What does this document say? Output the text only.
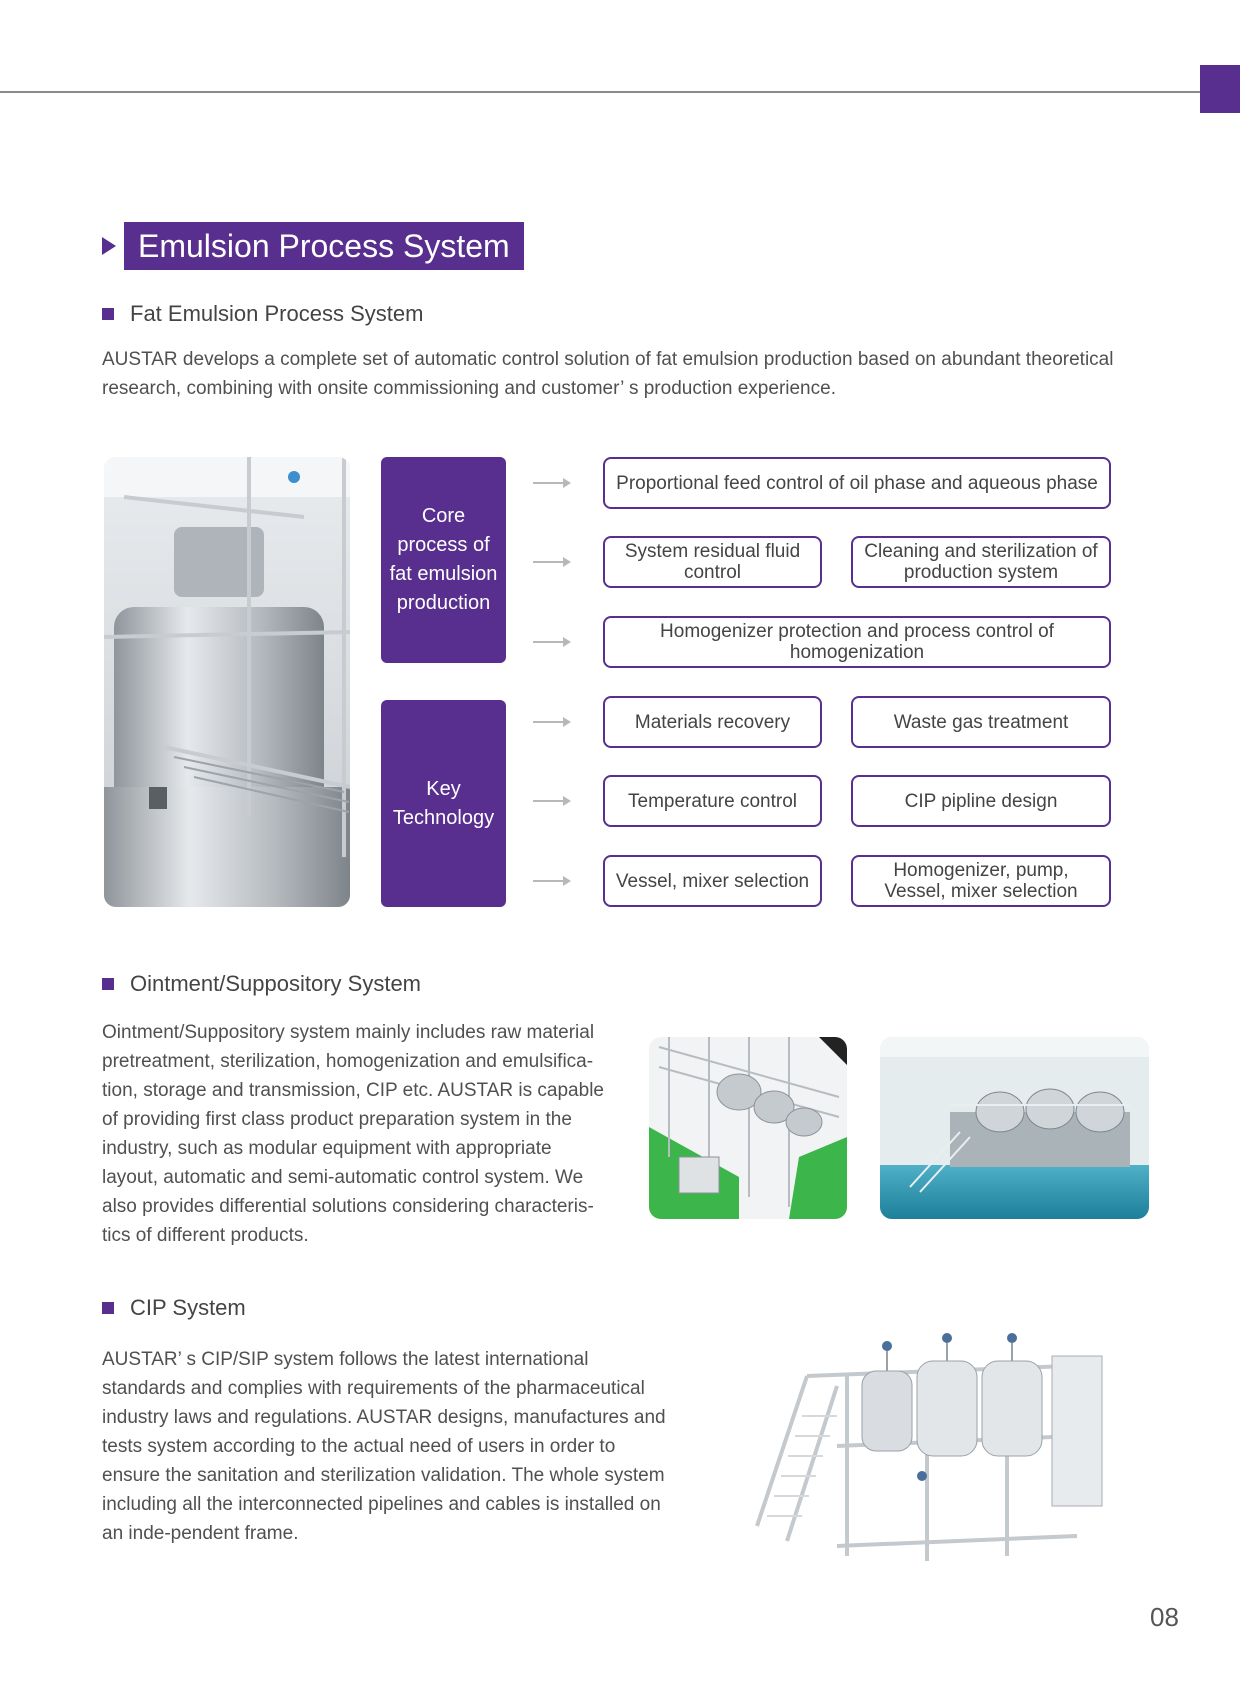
Emulsion Process System
Fat Emulsion Process System

AUSTAR develops a complete set of automatic control solution of fat emulsion production based on abundant theoretical research, combining with onsite commissioning and customer’ s production experience.

Core process of fat emulsion production
Key Technology
Proportional feed control of oil phase and aqueous phase
System residual fluid control
Cleaning and sterilization of production system
Homogenizer protection and process control of homogenization
Materials recovery	Waste gas treatment
Temperature control	CIP pipline design
Vessel, mixer selection	Homogenizer, pump, Vessel, mixer selection
Ointment/Suppository System

Ointment/Suppository system mainly includes raw material pretreatment, sterilization, homogenization and emulsifica-tion, storage and transmission, CIP etc. AUSTAR is capable of providing first class product preparation system in the industry, such as modular equipment with appropriate layout, automatic and semi-automatic control system. We also provides differential solutions considering characteris-tics of different products.

CIP System

AUSTAR’ s CIP/SIP system follows the latest international standards and complies with requirements of the pharmaceutical industry laws and regulations. AUSTAR designs, manufactures and tests system according to the actual need of users in order to ensure the sanitation and sterilization validation. The whole system including all the interconnected pipelines and cables is installed on an inde-pendent frame.

08
